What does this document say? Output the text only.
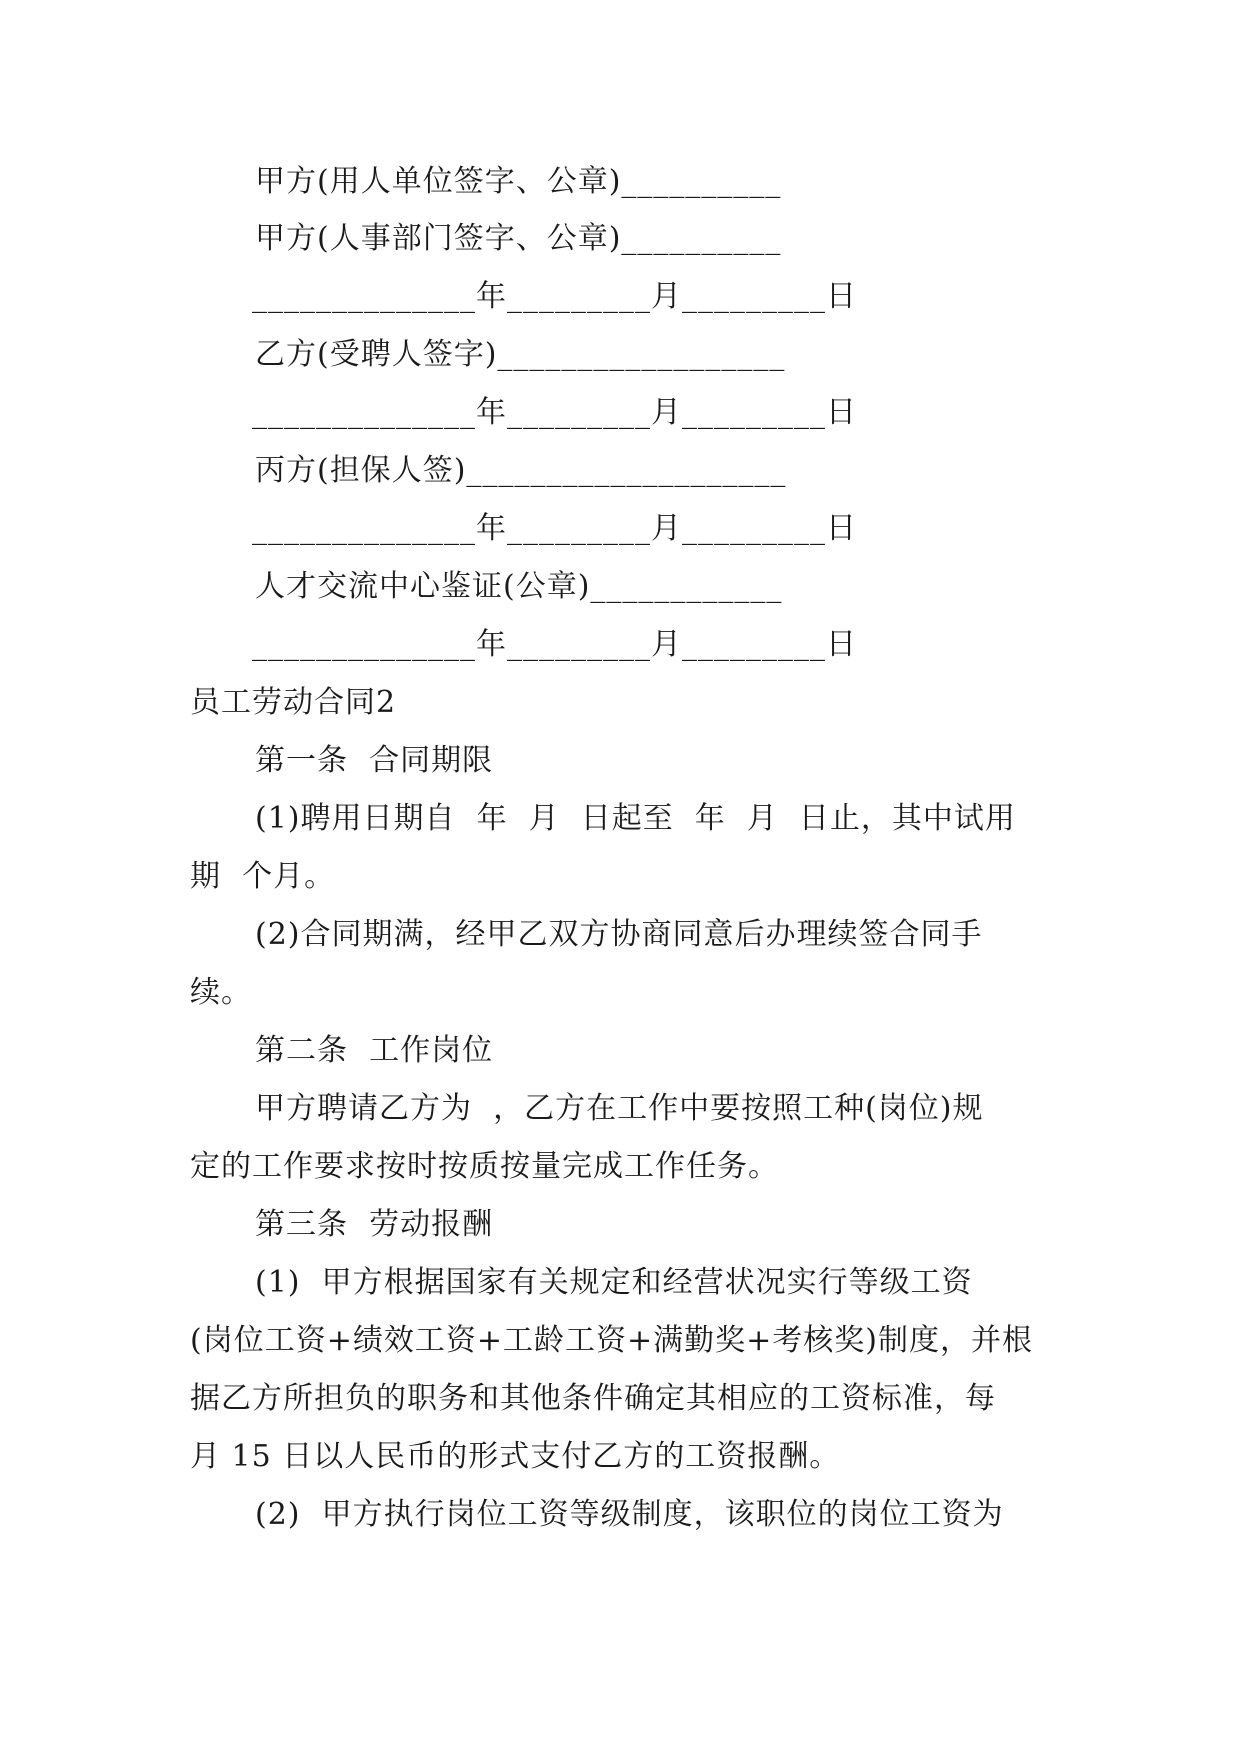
甲方(用人单位签字、公章)__________
甲方(人事部门签字、公章)__________
______________年_________月_________日
乙方(受聘人签字)__________________
______________年_________月_________日
丙方(担保人签)____________________
______________年_________月_________日
人才交流中心鉴证(公章)____________
______________年_________月_________日
员工劳动合同2
第一条  合同期限
(1)聘用日期自  年  月  日起至  年  月  日止，其中试用
期  个月。
(2)合同期满，经甲乙双方协商同意后办理续签合同手
续。
第二条  工作岗位
甲方聘请乙方为  ，乙方在工作中要按照工种(岗位)规
定的工作要求按时按质按量完成工作任务。
第三条  劳动报酬
(1)  甲方根据国家有关规定和经营状况实行等级工资
(岗位工资+绩效工资+工龄工资+满勤奖+考核奖)制度，并根
据乙方所担负的职务和其他条件确定其相应的工资标准，每
月 15 日以人民币的形式支付乙方的工资报酬。
(2)  甲方执行岗位工资等级制度，该职位的岗位工资为
